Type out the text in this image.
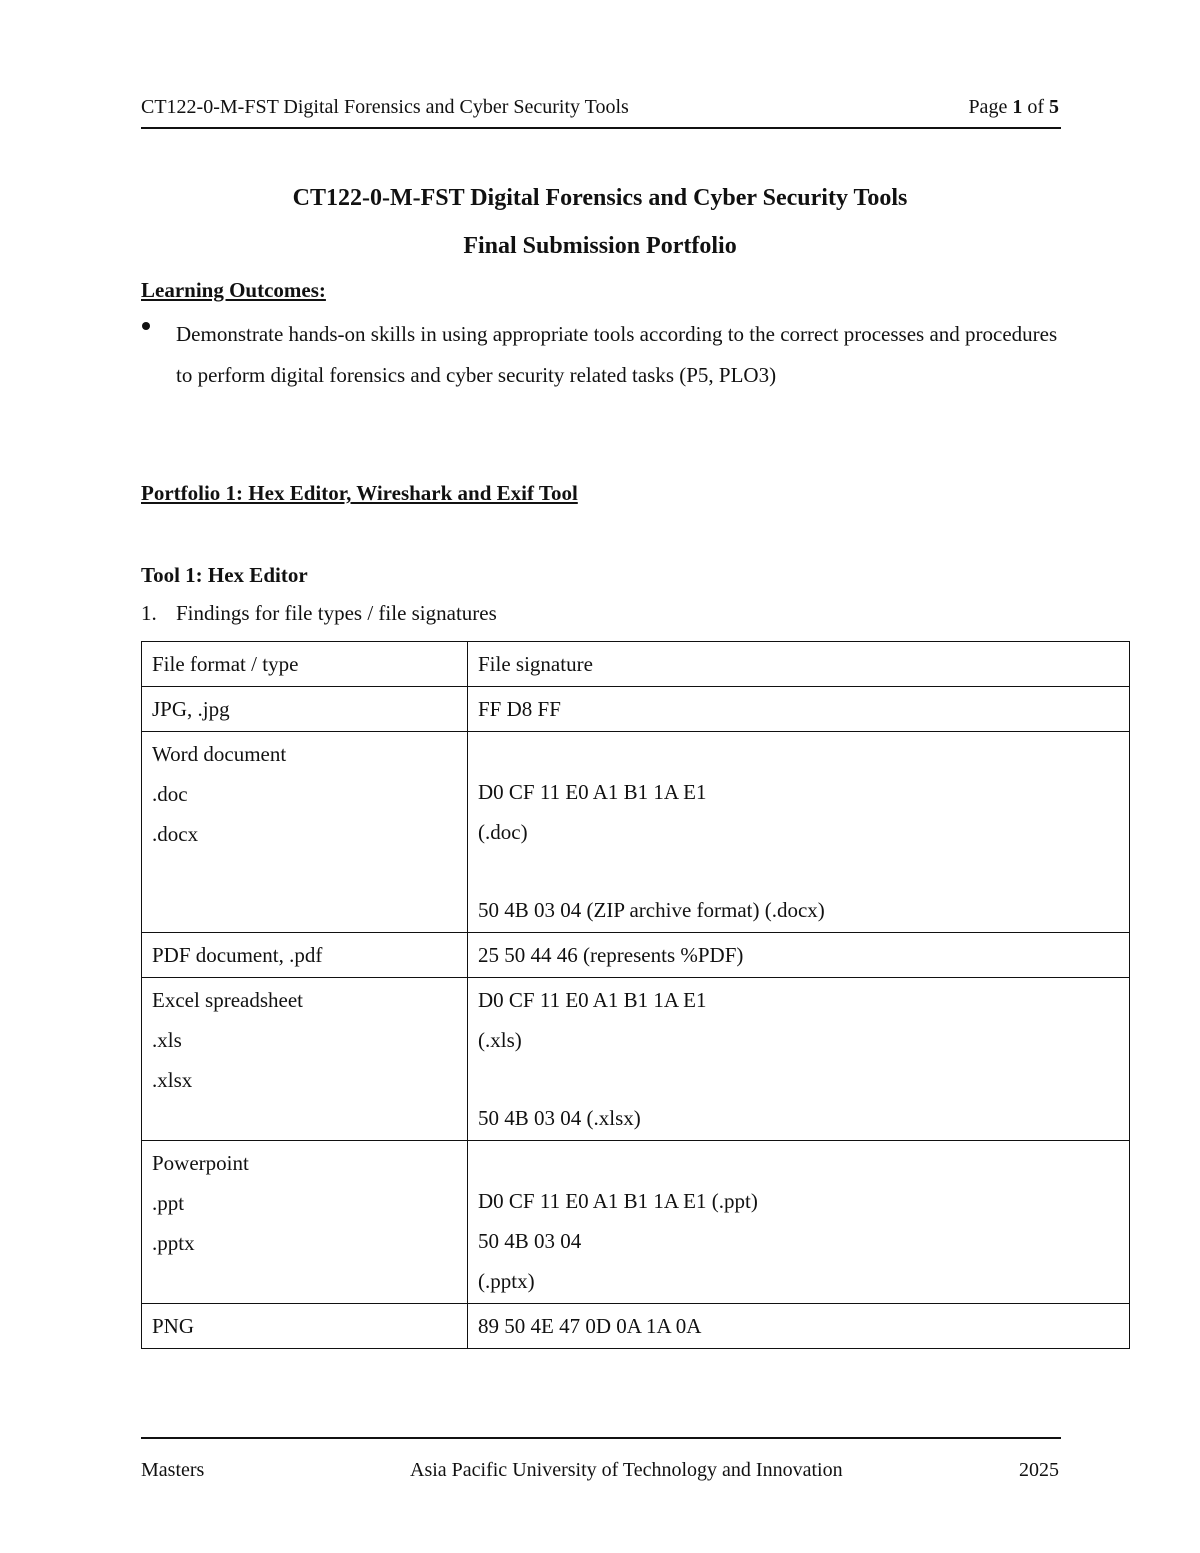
CT122-0-M-FST Digital Forensics and Cyber Security Tools	Page 1 of 5
CT122-0-M-FST Digital Forensics and Cyber Security Tools
Final Submission Portfolio
Learning Outcomes:
Demonstrate hands-on skills in using appropriate tools according to the correct processes and procedures to perform digital forensics and cyber security related tasks (P5, PLO3)
Portfolio 1: Hex Editor, Wireshark and Exif Tool
Tool 1: Hex Editor
1. Findings for file types / file signatures
File format / type	File signature

JPG, .jpg	FF D8 FF

Word document
.doc
.docx	D0 CF 11 E0 A1 B1 1A E1
(.doc)
50 4B 03 04 (ZIP archive format) (.docx)

PDF document, .pdf	25 50 44 46 (represents %PDF)

Excel spreadsheet
.xls
.xlsx	D0 CF 11 E0 A1 B1 1A E1
(.xls)
50 4B 03 04 (.xlsx)

Powerpoint
.ppt
.pptx	D0 CF 11 E0 A1 B1 1A E1 (.ppt)
50 4B 03 04
(.pptx)

PNG	89 50 4E 47 0D 0A 1A 0A
Masters	Asia Pacific University of Technology and Innovation	2025
